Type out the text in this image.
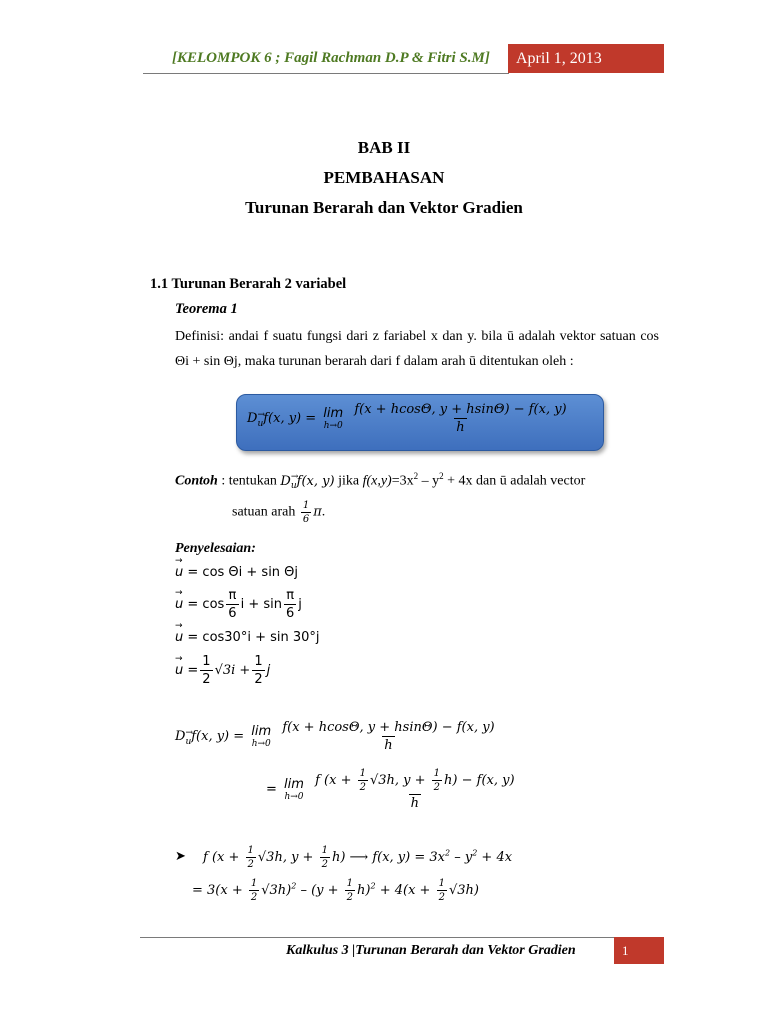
[KELOMPOK 6 ; Fagil Rachman D.P & Fitri S.M]	April 1, 2013
BAB II
PEMBAHASAN
Turunan Berarah dan Vektor Gradien
1.1 Turunan Berarah 2 variabel
Teorema 1
Definisi: andai f suatu fungsi dari z fariabel x dan y. bila ū adalah vektor satuan cos Θi + sin Θj, maka turunan berarah dari f dalam arah ū ditentukan oleh :
D→ $_u$f(x, y) = lim
h→0
$\frac{f(x + hcos\Theta, y + hsin\Theta) - f(x, y)}{h}$
Contoh : tentukan D→ $_u$f(x, y) jika $f(x,y)=3x^2 - y^2 + 4x$ dan ū adalah vector
satuan arah $\frac{1}{6} \pi$.
Penyelesaian:
→ u = cos Θi + sin Θj
→ $u = \cos \frac{\pi}{6}$ $i + \sin \frac{\pi}{6}$ j
→ u = cos30°i + sin 30°j
→ $u = \frac{1}{2} √3i + \frac{1}{2}$ j
D→ $_u$f(x, y) = lim
h→0
$\frac{f(x + hcos\Theta, y + hsin\Theta) - f(x, y)}{h}$
= lim
h→0
$\frac{f (x + \frac{1}{2} √3h, y + \frac{1}{2} h) - f(x, y)}{h}$
➤ f ($x + \frac{1}{2} √3h$, $y + \frac{1}{2} h$) ⟶ f(x, $y) = 3x^2 - y^2 + 4x$
= $3(x + \frac{1}{2} √3h)^2 - (y + \frac{1}{2} h)^2 + 4(x + \frac{1}{2} √3h)$
Kalkulus 3 |Turunan Berarah dan Vektor Gradien	1
